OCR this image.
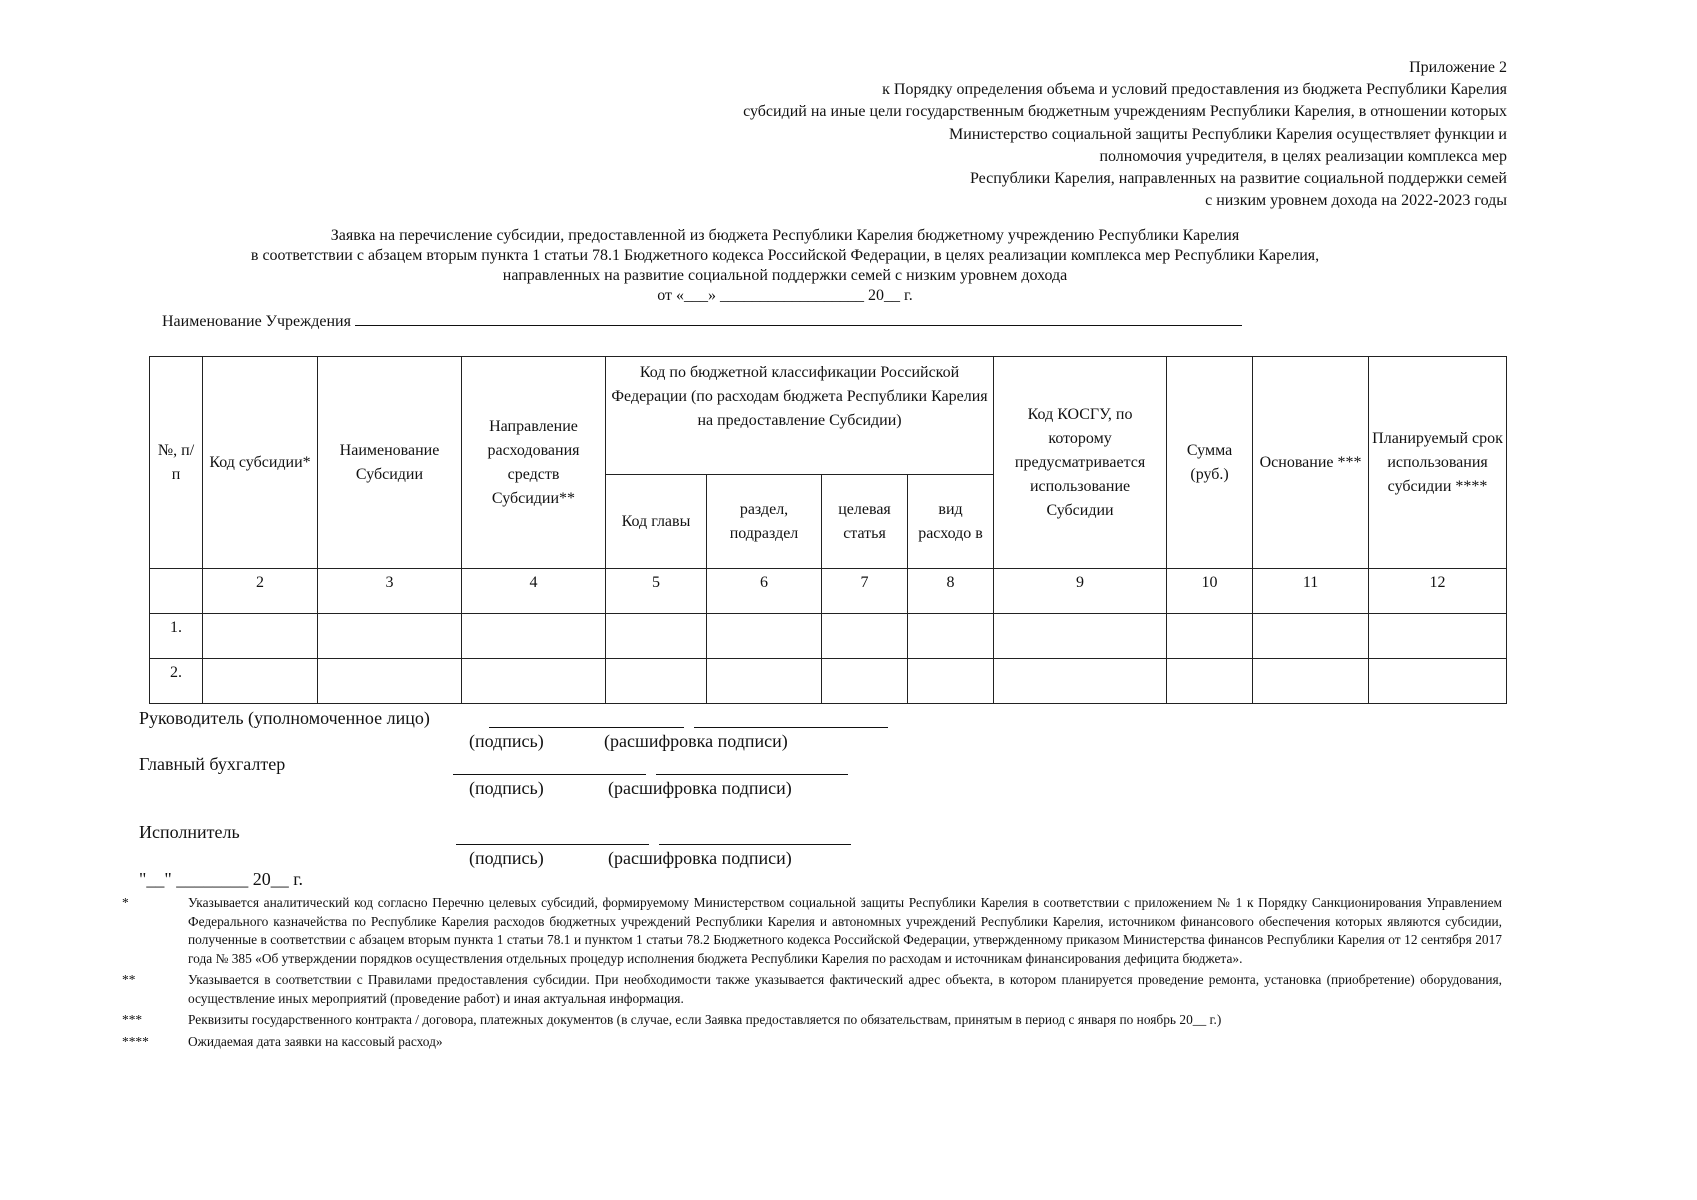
Приложение 2
к Порядку определения объема и условий предоставления из бюджета Республики Карелия
субсидий на иные цели государственным бюджетным учреждениям Республики Карелия, в отношении которых
Министерство социальной защиты Республики Карелия осуществляет функции и
полномочия учредителя, в целях реализации комплекса мер
Республики Карелия, направленных на развитие социальной поддержки семей
с низким уровнем дохода на 2022-2023 годы
Заявка на перечисление субсидии, предоставленной из бюджета Республики Карелия бюджетному учреждению Республики Карелия
в соответствии с абзацем вторым пункта 1 статьи 78.1 Бюджетного кодекса Российской Федерации, в целях реализации комплекса мер Республики Карелия,
направленных на развитие социальной поддержки семей с низким уровнем дохода
от «___» __________________ 20__ г.
Наименование Учреждения
№, п/ п	Код субсидии*	Наименование Субсидии	Направление расходования средств Субсидии**	Код по бюджетной классификации Российской Федерации (по расходам бюджета Республики Карелия на предоставление Субсидии)				Код КОСГУ, по которому предусматривается использование Субсидии	Сумма (руб.)	Основание ***	Планируемый срок использования субсидии ****
				Код главы	раздел, подраздел	целевая статья	вид расходо в				
	2	3	4	5	6	7	8	9	10	11	12
1.											
2.											
Руководитель (уполномоченное лицо)
(подпись)	(расшифровка подписи)
Главный бухгалтер
(подпись)	(расшифровка подписи)
Исполнитель
(подпись)	(расшифровка подписи)
"__" ________ 20__ г.
*	Указывается аналитический код согласно Перечню целевых субсидий, формируемому Министерством социальной защиты Республики Карелия в соответствии с приложением № 1 к Порядку Санкционирования Управлением Федерального казначейства по Республике Карелия расходов бюджетных учреждений Республики Карелия и автономных учреждений Республики Карелия, источником финансового обеспечения которых являются субсидии, полученные в соответствии с абзацем вторым пункта 1 статьи 78.1 и пунктом 1 статьи 78.2 Бюджетного кодекса Российской Федерации, утвержденному приказом Министерства финансов Республики Карелия от 12 сентября 2017 года № 385 «Об утверждении порядков осуществления отдельных процедур исполнения бюджета Республики Карелия по расходам и источникам финансирования дефицита бюджета».
**	Указывается в соответствии с Правилами предоставления субсидии. При необходимости также указывается фактический адрес объекта, в котором планируется проведение ремонта, установка (приобретение) оборудования, осуществление иных мероприятий (проведение работ) и иная актуальная информация.
***	Реквизиты государственного контракта / договора, платежных документов (в случае, если Заявка предоставляется по обязательствам, принятым в период с января по ноябрь 20__ г.)
****	Ожидаемая дата заявки на кассовый расход»
